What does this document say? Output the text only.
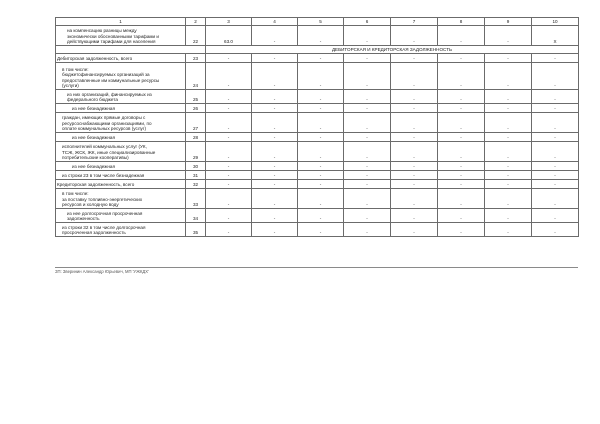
1	2	3	4	5	6	7	8	9	10
на компенсацию разницы между
экономически обоснованными тарифами и
действующими тарифами для населения	22	63.0	-	-	-	-	-	-	X
		ДЕБИТОРСКАЯ И КРЕДИТОРСКАЯ ЗАДОЛЖЕННОСТЬ							
Дебиторская задолженность, всего	23	-	-	-	-	-	-	-	-
в том числе:
бюджетофинансируемых организаций за
предоставленные им коммунальные ресурсы
(услуги)	24	-	-	-	-	-	-	-	-
из них организаций, финансируемых из
федерального бюджета	25	-	-	-	-	-	-	-	-
из нее безнадежная	26	-	-	-	-	-	-	-	-
граждан, имеющих прямые договоры с
ресурсоснабжающими организациями, по
оплате коммунальных ресурсов (услуг)	27	-	-	-	-	-	-	-	-
из нее безнадежная	28	-	-	-	-	-	-	-	-
исполнителей коммунальных услуг (УК,
ТСЖ, ЖСК, ЖК, иные специализированные
потребительские кооперативы)	29	-	-	-	-	-	-	-	-
из нее безнадежная	30	-	-	-	-	-	-	-	-
из строки 23 в том числе безнадежная	31	-	-	-	-	-	-	-	-
Кредиторская задолженность, всего	32	-	-	-	-	-	-	-	-
в том числе:
за поставку топливно-энергетических
ресурсов и холодную воду	33	-	-	-	-	-	-	-	-
из нее долгосрочная просроченная
задолженность	34	-	-	-	-	-	-	-	-
из строки 32 в том числе долгосрочная
просроченная задолженность	35	-	-	-	-	-	-	-	-
ЗП: Зверинин Александр Юрьевич, МП 'УЖКДХ'
